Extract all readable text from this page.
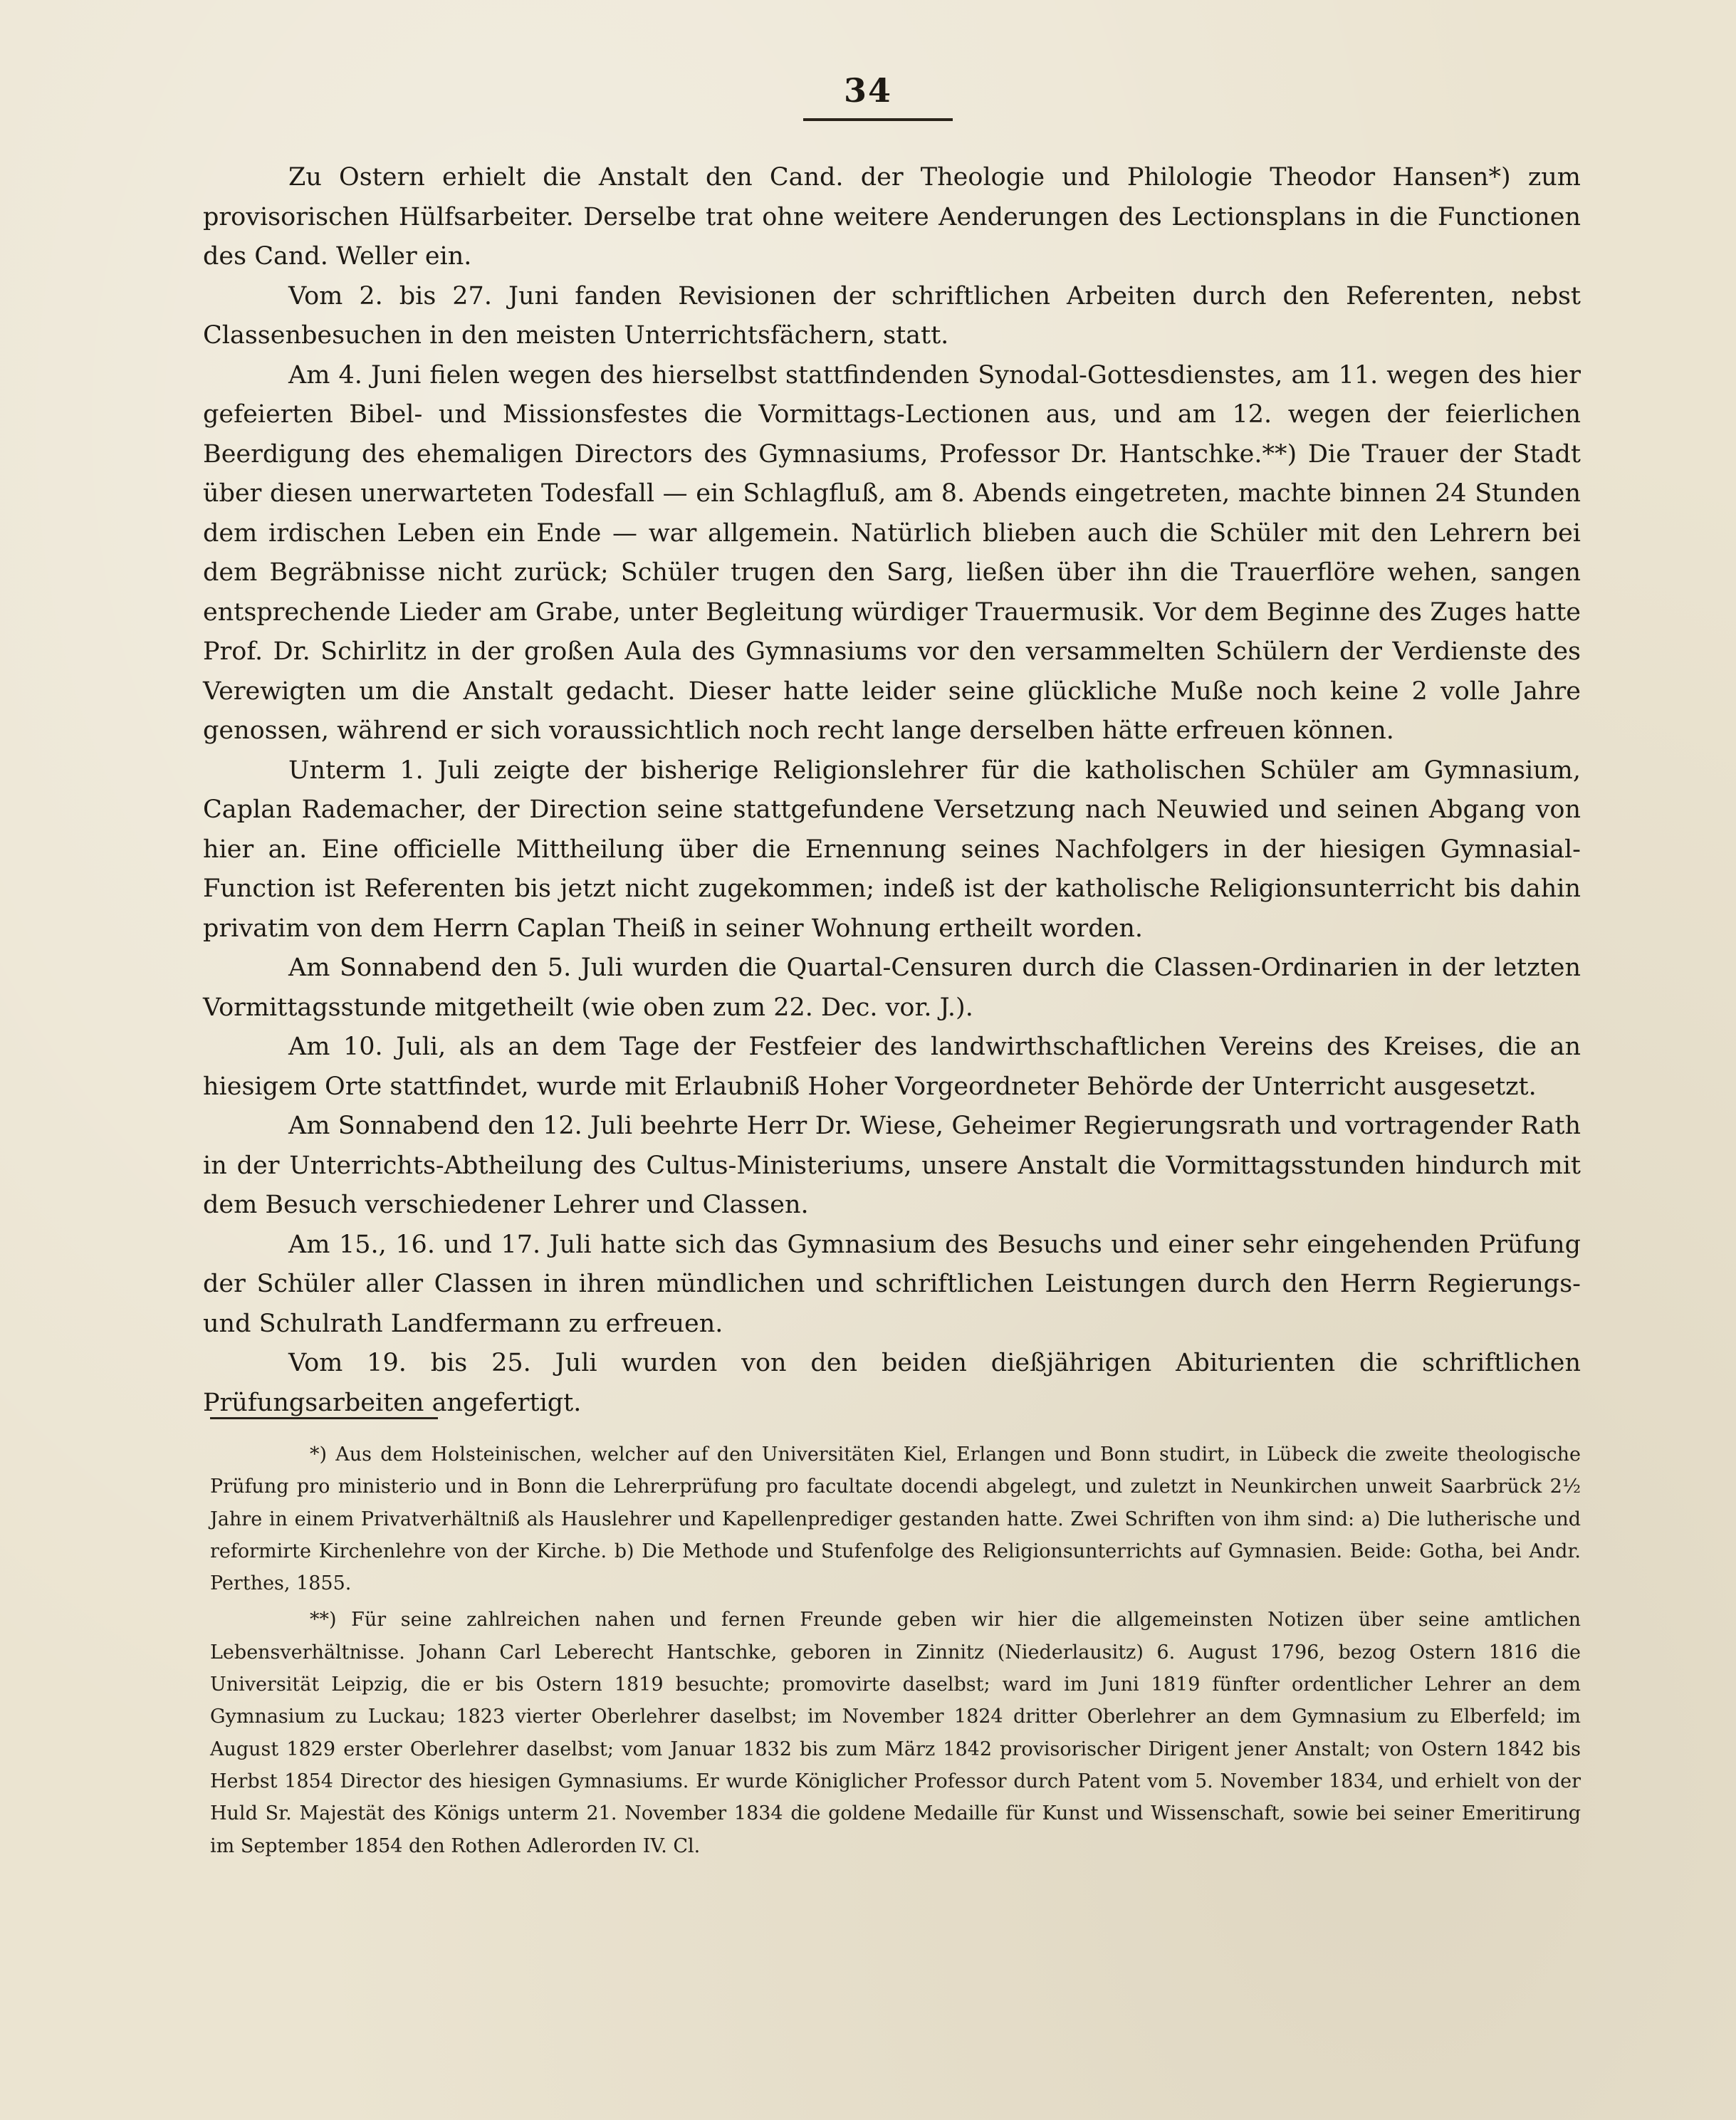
34

Zu Ostern erhielt die Anstalt den Cand. der Theologie und Philologie Theodor Hansen*) zum provisorischen Hülfsarbeiter. Derselbe trat ohne weitere Aenderungen des Lectionsplans in die Functionen des Cand. Weller ein.

Vom 2. bis 27. Juni fanden Revisionen der schriftlichen Arbeiten durch den Referenten, nebst Classenbesuchen in den meisten Unterrichtsfächern, statt.

Am 4. Juni fielen wegen des hierselbst stattfindenden Synodal-Gottesdienstes, am 11. wegen des hier gefeierten Bibel- und Missionsfestes die Vormittags-Lectionen aus, und am 12. wegen der feierlichen Beerdigung des ehemaligen Directors des Gymnasiums, Professor Dr. Hantschke.**) Die Trauer der Stadt über diesen unerwarteten Todesfall — ein Schlagfluß, am 8. Abends eingetreten, machte binnen 24 Stunden dem irdischen Leben ein Ende — war allgemein. Natürlich blieben auch die Schüler mit den Lehrern bei dem Begräbnisse nicht zurück; Schüler trugen den Sarg, ließen über ihn die Trauerflöre wehen, sangen entsprechende Lieder am Grabe, unter Begleitung würdiger Trauermusik. Vor dem Beginne des Zuges hatte Prof. Dr. Schirlitz in der großen Aula des Gymnasiums vor den versammelten Schülern der Verdienste des Verewigten um die Anstalt gedacht. Dieser hatte leider seine glückliche Muße noch keine 2 volle Jahre genossen, während er sich voraussichtlich noch recht lange derselben hätte erfreuen können.

Unterm 1. Juli zeigte der bisherige Religionslehrer für die katholischen Schüler am Gymnasium, Caplan Rademacher, der Direction seine stattgefundene Versetzung nach Neuwied und seinen Abgang von hier an. Eine officielle Mittheilung über die Ernennung seines Nachfolgers in der hiesigen Gymnasial-Function ist Referenten bis jetzt nicht zugekommen; indeß ist der katholische Religionsunterricht bis dahin privatim von dem Herrn Caplan Theiß in seiner Wohnung ertheilt worden.

Am Sonnabend den 5. Juli wurden die Quartal-Censuren durch die Classen-Ordinarien in der letzten Vormittagsstunde mitgetheilt (wie oben zum 22. Dec. vor. J.).

Am 10. Juli, als an dem Tage der Festfeier des landwirthschaftlichen Vereins des Kreises, die an hiesigem Orte stattfindet, wurde mit Erlaubniß Hoher Vorgeordneter Behörde der Unterricht ausgesetzt.

Am Sonnabend den 12. Juli beehrte Herr Dr. Wiese, Geheimer Regierungsrath und vortragender Rath in der Unterrichts-Abtheilung des Cultus-Ministeriums, unsere Anstalt die Vormittagsstunden hindurch mit dem Besuch verschiedener Lehrer und Classen.

Am 15., 16. und 17. Juli hatte sich das Gymnasium des Besuchs und einer sehr eingehenden Prüfung der Schüler aller Classen in ihren mündlichen und schriftlichen Leistungen durch den Herrn Regierungs- und Schulrath Landfermann zu erfreuen.

Vom 19. bis 25. Juli wurden von den beiden dießjährigen Abiturienten die schriftlichen Prüfungsarbeiten angefertigt.

*) Aus dem Holsteinischen, welcher auf den Universitäten Kiel, Erlangen und Bonn studirt, in Lübeck die zweite theologische Prüfung pro ministerio und in Bonn die Lehrerprüfung pro facultate docendi abgelegt, und zuletzt in Neunkirchen unweit Saarbrück 2½ Jahre in einem Privatverhältniß als Hauslehrer und Kapellenprediger gestanden hatte. Zwei Schriften von ihm sind: a) Die lutherische und reformirte Kirchenlehre von der Kirche. b) Die Methode und Stufenfolge des Religionsunterrichts auf Gymnasien. Beide: Gotha, bei Andr. Perthes, 1855.

**) Für seine zahlreichen nahen und fernen Freunde geben wir hier die allgemeinsten Notizen über seine amtlichen Lebensverhältnisse. Johann Carl Leberecht Hantschke, geboren in Zinnitz (Niederlausitz) 6. August 1796, bezog Ostern 1816 die Universität Leipzig, die er bis Ostern 1819 besuchte; promovirte daselbst; ward im Juni 1819 fünfter ordentlicher Lehrer an dem Gymnasium zu Luckau; 1823 vierter Oberlehrer daselbst; im November 1824 dritter Oberlehrer an dem Gymnasium zu Elberfeld; im August 1829 erster Oberlehrer daselbst; vom Januar 1832 bis zum März 1842 provisorischer Dirigent jener Anstalt; von Ostern 1842 bis Herbst 1854 Director des hiesigen Gymnasiums. Er wurde Königlicher Professor durch Patent vom 5. November 1834, und erhielt von der Huld Sr. Majestät des Königs unterm 21. November 1834 die goldene Medaille für Kunst und Wissenschaft, sowie bei seiner Emeritirung im September 1854 den Rothen Adlerorden IV. Cl.
